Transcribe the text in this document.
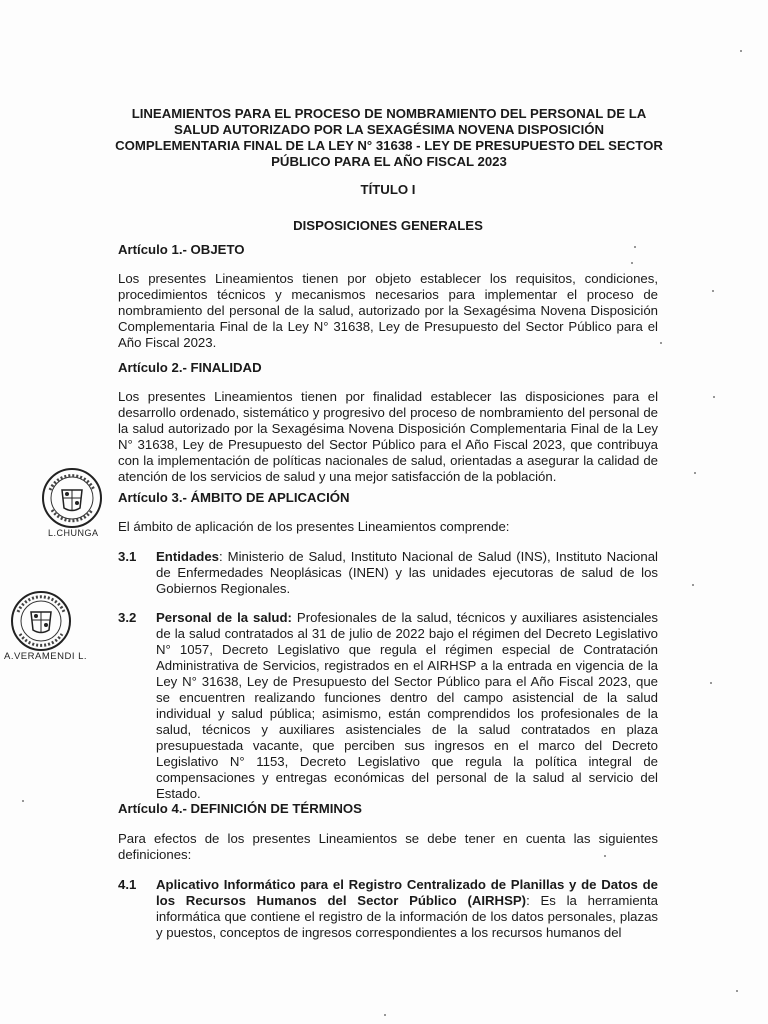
LINEAMIENTOS PARA EL PROCESO DE NOMBRAMIENTO DEL PERSONAL DE LA SALUD AUTORIZADO POR LA SEXAGÉSIMA NOVENA DISPOSICIÓN COMPLEMENTARIA FINAL DE LA LEY N° 31638 - LEY DE PRESUPUESTO DEL SECTOR PÚBLICO PARA EL AÑO FISCAL 2023
TÍTULO I
DISPOSICIONES GENERALES
Artículo 1.- OBJETO
Los presentes Lineamientos tienen por objeto establecer los requisitos, condiciones, procedimientos técnicos y mecanismos necesarios para implementar el proceso de nombramiento del personal de la salud, autorizado por la Sexagésima Novena Disposición Complementaria Final de la Ley N° 31638, Ley de Presupuesto del Sector Público para el Año Fiscal 2023.
Artículo 2.- FINALIDAD
Los presentes Lineamientos tienen por finalidad establecer las disposiciones para el desarrollo ordenado, sistemático y progresivo del proceso de nombramiento del personal de la salud autorizado por la Sexagésima Novena Disposición Complementaria Final de la Ley N° 31638, Ley de Presupuesto del Sector Público para el Año Fiscal 2023, que contribuya con la implementación de políticas nacionales de salud, orientadas a asegurar la calidad de atención de los servicios de salud y una mejor satisfacción de la población.
Artículo 3.- ÁMBITO DE APLICACIÓN
El ámbito de aplicación de los presentes Lineamientos comprende:
3.1 Entidades: Ministerio de Salud, Instituto Nacional de Salud (INS), Instituto Nacional de Enfermedades Neoplásicas (INEN) y las unidades ejecutoras de salud de los Gobiernos Regionales.
3.2 Personal de la salud: Profesionales de la salud, técnicos y auxiliares asistenciales de la salud contratados al 31 de julio de 2022 bajo el régimen del Decreto Legislativo N° 1057, Decreto Legislativo que regula el régimen especial de Contratación Administrativa de Servicios, registrados en el AIRHSP a la entrada en vigencia de la Ley N° 31638, Ley de Presupuesto del Sector Público para el Año Fiscal 2023, que se encuentren realizando funciones dentro del campo asistencial de la salud individual y salud pública; asimismo, están comprendidos los profesionales de la salud, técnicos y auxiliares asistenciales de la salud contratados en plaza presupuestada vacante, que perciben sus ingresos en el marco del Decreto Legislativo N° 1153, Decreto Legislativo que regula la política integral de compensaciones y entregas económicas del personal de la salud al servicio del Estado.
Artículo 4.- DEFINICIÓN DE TÉRMINOS
Para efectos de los presentes Lineamientos se debe tener en cuenta las siguientes definiciones:
4.1 Aplicativo Informático para el Registro Centralizado de Planillas y de Datos de los Recursos Humanos del Sector Público (AIRHSP): Es la herramienta informática que contiene el registro de la información de los datos personales, plazas y puestos, conceptos de ingresos correspondientes a los recursos humanos del
L.CHUNGA
A.VERAMENDI L.
